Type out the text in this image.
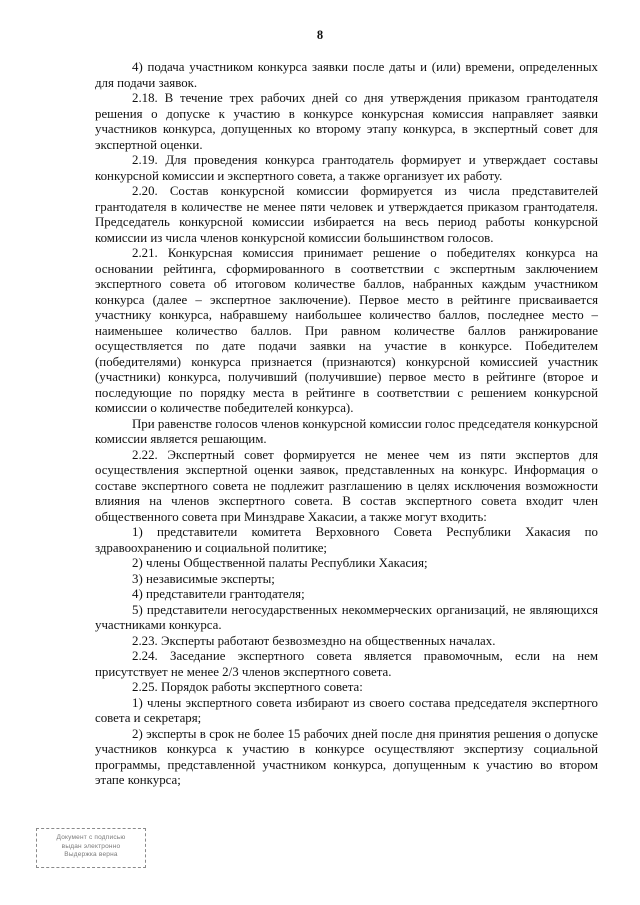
8

4) подача участником конкурса заявки после даты и (или) времени, определенных для подачи заявок.

2.18. В течение трех рабочих дней со дня утверждения приказом грантодателя решения о допуске к участию в конкурсе конкурсная комиссия направляет заявки участников конкурса, допущенных ко второму этапу конкурса, в экспертный совет для экспертной оценки.

2.19. Для проведения конкурса грантодатель формирует и утверждает составы конкурсной комиссии и экспертного совета, а также организует их работу.

2.20. Состав конкурсной комиссии формируется из числа представителей грантодателя в количестве не менее пяти человек и утверждается приказом грантодателя. Председатель конкурсной комиссии избирается на весь период работы конкурсной комиссии из числа членов конкурсной комиссии большинством голосов.

2.21. Конкурсная комиссия принимает решение о победителях конкурса на основании рейтинга, сформированного в соответствии с экспертным заключением экспертного совета об итоговом количестве баллов, набранных каждым участником конкурса (далее – экспертное заключение). Первое место в рейтинге присваивается участнику конкурса, набравшему наибольшее количество баллов, последнее место – наименьшее количество баллов. При равном количестве баллов ранжирование осуществляется по дате подачи заявки на участие в конкурсе. Победителем (победителями) конкурса признается (признаются) конкурсной комиссией участник (участники) конкурса, получивший (получившие) первое место в рейтинге (второе и последующие по порядку места в рейтинге в соответствии с решением конкурсной комиссии о количестве победителей конкурса).

При равенстве голосов членов конкурсной комиссии голос председателя конкурсной комиссии является решающим.

2.22. Экспертный совет формируется не менее чем из пяти экспертов для осуществления экспертной оценки заявок, представленных на конкурс. Информация о составе экспертного совета не подлежит разглашению в целях исключения возможности влияния на членов экспертного совета. В состав экспертного совета входит член общественного совета при Минздраве Хакасии, а также могут входить:

1) представители комитета Верховного Совета Республики Хакасия по здравоохранению и социальной политике;

2) члены Общественной палаты Республики Хакасия;

3) независимые эксперты;

4) представители грантодателя;

5) представители негосударственных некоммерческих организаций, не являющихся участниками конкурса.

2.23. Эксперты работают безвозмездно на общественных началах.

2.24. Заседание экспертного совета является правомочным, если на нем присутствует не менее 2/3 членов экспертного совета.

2.25. Порядок работы экспертного совета:

1) члены экспертного совета избирают из своего состава председателя экспертного совета и секретаря;

2) эксперты в срок не более 15 рабочих дней после дня принятия решения о допуске участников конкурса к участию в конкурсе осуществляют экспертизу социальной программы, представленной участником конкурса, допущенным к участию во втором этапе конкурса;

Документ с подписью
выдан электронно
Выдержка верна
